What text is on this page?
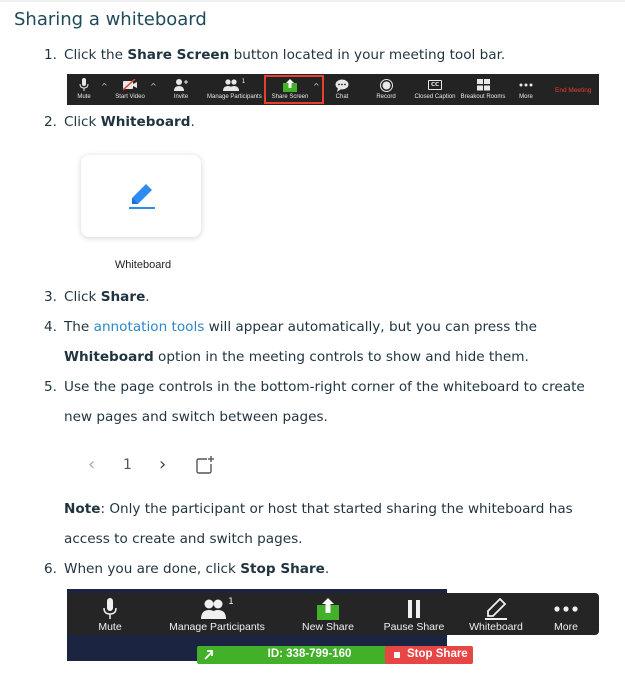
Sharing a whiteboard
1. Click the Share Screen button located in your meeting tool bar.
Mute
^
Start Video
^
Invite
1
Manage Participants	Share Screen
^
Chat	Record
CC
Closed Caption Breakout Rooms	More
End Meeting
2. Click Whiteboard.
Whiteboard
3. Click Share.
4. The annotation tools will appear automatically, but you can press the
Whiteboard option in the meeting controls to show and hide them.
5. Use the page controls in the bottom-right corner of the whiteboard to create
new pages and switch between pages.
‹ 1 ›
Note: Only the participant or host that started sharing the whiteboard has
access to create and switch pages.
6. When you are done, click Stop Share.
Mute
1
Manage Participants	New Share	Pause Share	Whiteboard	More
ID: 338-799-160	Stop Share
